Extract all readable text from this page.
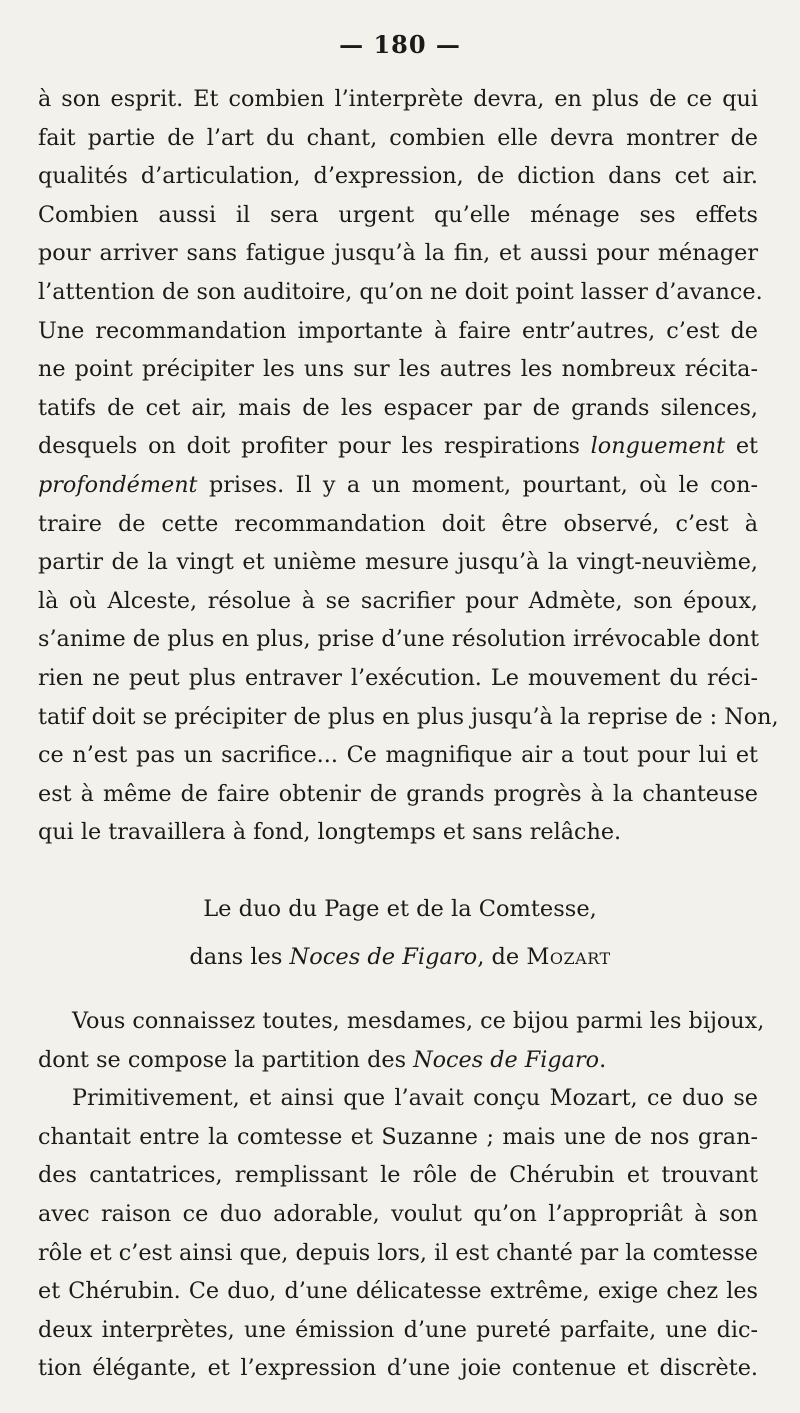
— 180 —
à son esprit. Et combien l’interprète devra, en plus de ce qui
fait partie de l’art du chant, combien elle devra montrer de
qualités d’articulation, d’expression, de diction dans cet air.
Combien aussi il sera urgent qu’elle ménage ses effets
pour arriver sans fatigue jusqu’à la fin, et aussi pour ménager
l’attention de son auditoire, qu’on ne doit point lasser d’avance.
Une recommandation importante à faire entr’autres, c’est de
ne point précipiter les uns sur les autres les nombreux récita-
tatifs de cet air, mais de les espacer par de grands silences,
desquels on doit profiter pour les respirations longuement et
profondément prises. Il y a un moment, pourtant, où le con-
traire de cette recommandation doit être observé, c’est à
partir de la vingt et unième mesure jusqu’à la vingt-neuvième,
là où Alceste, résolue à se sacrifier pour Admète, son époux,
s’anime de plus en plus, prise d’une résolution irrévocable dont
rien ne peut plus entraver l’exécution. Le mouvement du réci-
tatif doit se précipiter de plus en plus jusqu’à la reprise de : Non,
ce n’est pas un sacrifice... Ce magnifique air a tout pour lui et
est à même de faire obtenir de grands progrès à la chanteuse
qui le travaillera à fond, longtemps et sans relâche.
Le duo du Page et de la Comtesse,
dans les Noces de Figaro, de Mozart
Vous connaissez toutes, mesdames, ce bijou parmi les bijoux,
dont se compose la partition des Noces de Figaro.
Primitivement, et ainsi que l’avait conçu Mozart, ce duo se
chantait entre la comtesse et Suzanne ; mais une de nos gran-
des cantatrices, remplissant le rôle de Chérubin et trouvant
avec raison ce duo adorable, voulut qu’on l’appropriât à son
rôle et c’est ainsi que, depuis lors, il est chanté par la comtesse
et Chérubin. Ce duo, d’une délicatesse extrême, exige chez les
deux interprètes, une émission d’une pureté parfaite, une dic-
tion élégante, et l’expression d’une joie contenue et discrète.
